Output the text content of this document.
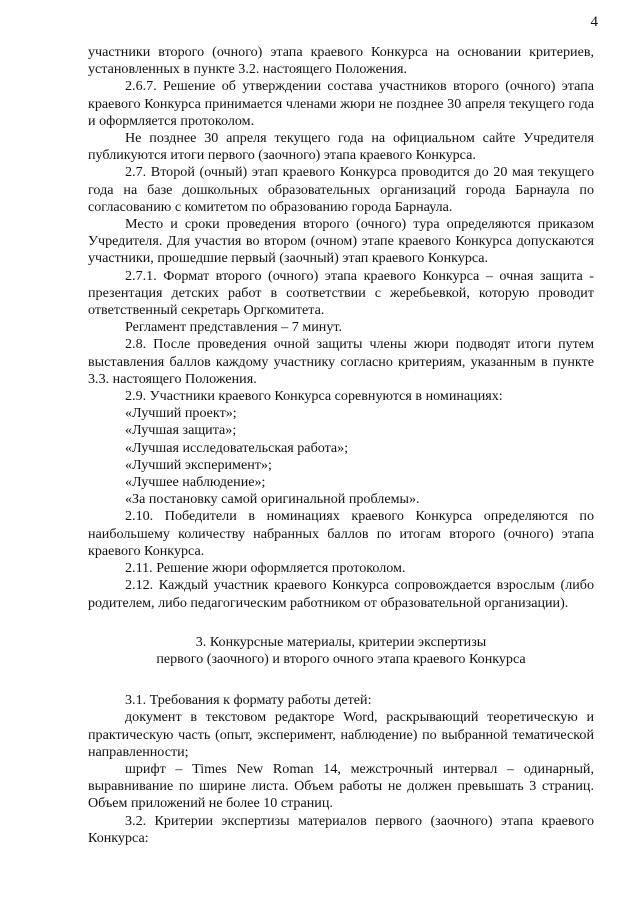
4

участники второго (очного) этапа краевого Конкурса на основании критериев, установленных в пункте 3.2. настоящего Положения.

2.6.7. Решение об утверждении состава участников второго (очного) этапа краевого Конкурса принимается членами жюри не позднее 30 апреля текущего года и оформляется протоколом.

Не позднее 30 апреля текущего года на официальном сайте Учредителя публикуются итоги первого (заочного) этапа краевого Конкурса.

2.7. Второй (очный) этап краевого Конкурса проводится до 20 мая текущего года на базе дошкольных образовательных организаций города Барнаула по согласованию с комитетом по образованию города Барнаула.

Место и сроки проведения второго (очного) тура определяются приказом Учредителя. Для участия во втором (очном) этапе краевого Конкурса допускаются участники, прошедшие первый (заочный) этап краевого Конкурса.

2.7.1. Формат второго (очного) этапа краевого Конкурса – очная защита - презентация детских работ в соответствии с жеребьевкой, которую проводит ответственный секретарь Оргкомитета.

Регламент представления – 7 минут.

2.8. После проведения очной защиты члены жюри подводят итоги путем выставления баллов каждому участнику согласно критериям, указанным в пункте 3.3. настоящего Положения.

2.9. Участники краевого Конкурса соревнуются в номинациях:

«Лучший проект»;

«Лучшая защита»;

«Лучшая исследовательская работа»;

«Лучший эксперимент»;

«Лучшее наблюдение»;

«За постановку самой оригинальной проблемы».

2.10. Победители в номинациях краевого Конкурса определяются по наибольшему количеству набранных баллов по итогам второго (очного) этапа краевого Конкурса.

2.11. Решение жюри оформляется протоколом.

2.12. Каждый участник краевого Конкурса сопровождается взрослым (либо родителем, либо педагогическим работником от образовательной организации).

3. Конкурсные материалы, критерии экспертизы
первого (заочного) и второго очного этапа краевого Конкурса

3.1. Требования к формату работы детей:

документ в текстовом редакторе Word, раскрывающий теоретическую и практическую часть (опыт, эксперимент, наблюдение) по выбранной тематической направленности;

шрифт – Times New Roman 14, межстрочный интервал – одинарный, выравнивание по ширине листа. Объем работы не должен превышать 3 страниц. Объем приложений не более 10 страниц.

3.2. Критерии экспертизы материалов первого (заочного) этапа краевого Конкурса:
